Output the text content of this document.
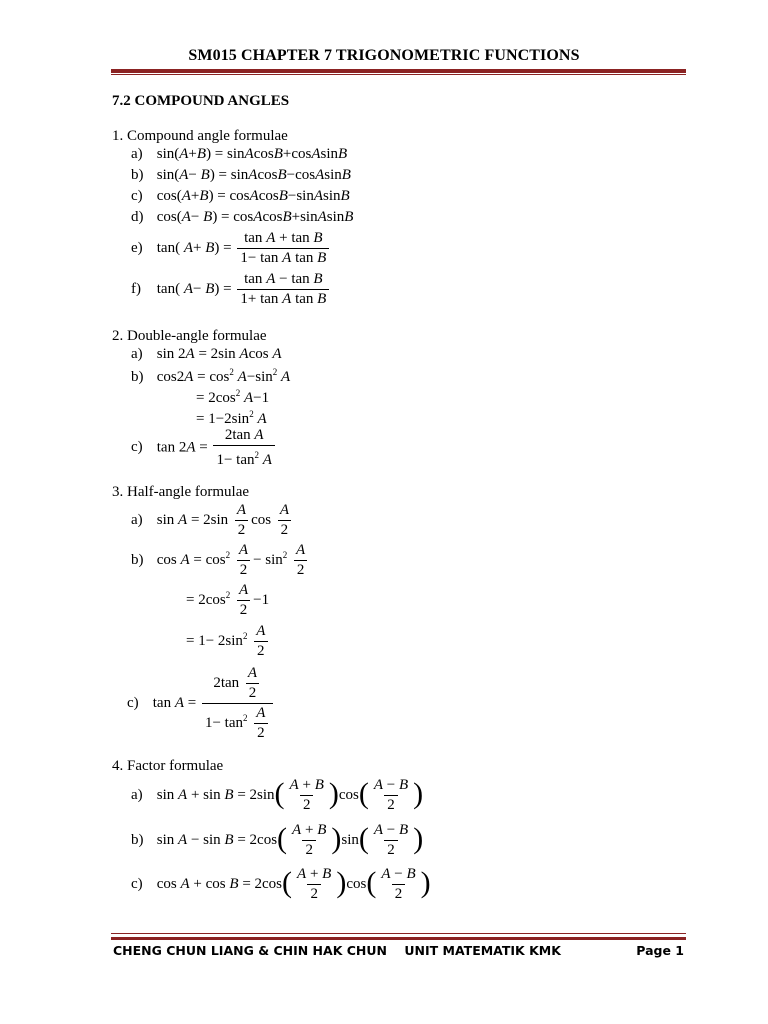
SM015 CHAPTER 7 TRIGONOMETRIC FUNCTIONS
7.2 COMPOUND ANGLES
1. Compound angle formulae
a) sin(A+B) = sinAcosB+cosAsinB
b) sin(A− B) = sinAcosB−cosAsinB
c) cos(A+B) = cosAcosB−sinAsinB
d) cos(A− B) = cosAcosB+sinAsinB
e) tan( $A+ B) = \frac{\text{tan A + tan B}}{\text{1− tan A tan B}}$
f) tan( $A- B) = \frac{\text{tan A − tan B}}{\text{1+ tan A tan B}}$
2. Double-angle formulae
a) sin 2A = 2sin Acos A
b) $\cos 2A = \cos^2 A-\sin^2$ A
= $2\cos^2$ A−1
= $1-2\sin^2$ A
c) $\tan 2A = \frac{\text{2tan A}}{1- \tan^2 A}$
3. Half-angle formulae
a) $\sin A = 2\sin \frac{A}{2}$ $\cos \frac{A}{2}$
b) $\cos A = \cos^2 \frac{A}{2} - \sin^2 \frac{A}{2}$
= $2\cos^2 \frac{A}{2} -1$
= $1- 2\sin^2 \frac{A}{2}$
c) $\tan A = \frac{2\tan \frac{A}{2}}{1- \tan^2 \frac{A}{2}}$
4. Factor formulae
a) $\sin A + \sin B = 2\sin( \frac{A + B}{2} )\cos( \frac{A - B}{2}$ )
b) $\sin A - \sin B = 2\cos( \frac{A + B}{2} )\sin( \frac{A - B}{2}$ )
c) $\cos A + \cos B = 2\cos( \frac{A + B}{2} )\cos( \frac{A - B}{2}$ )
CHENG CHUN LIANG & CHIN HAK CHUN    UNIT MATEMATIK KMK	Page 1
